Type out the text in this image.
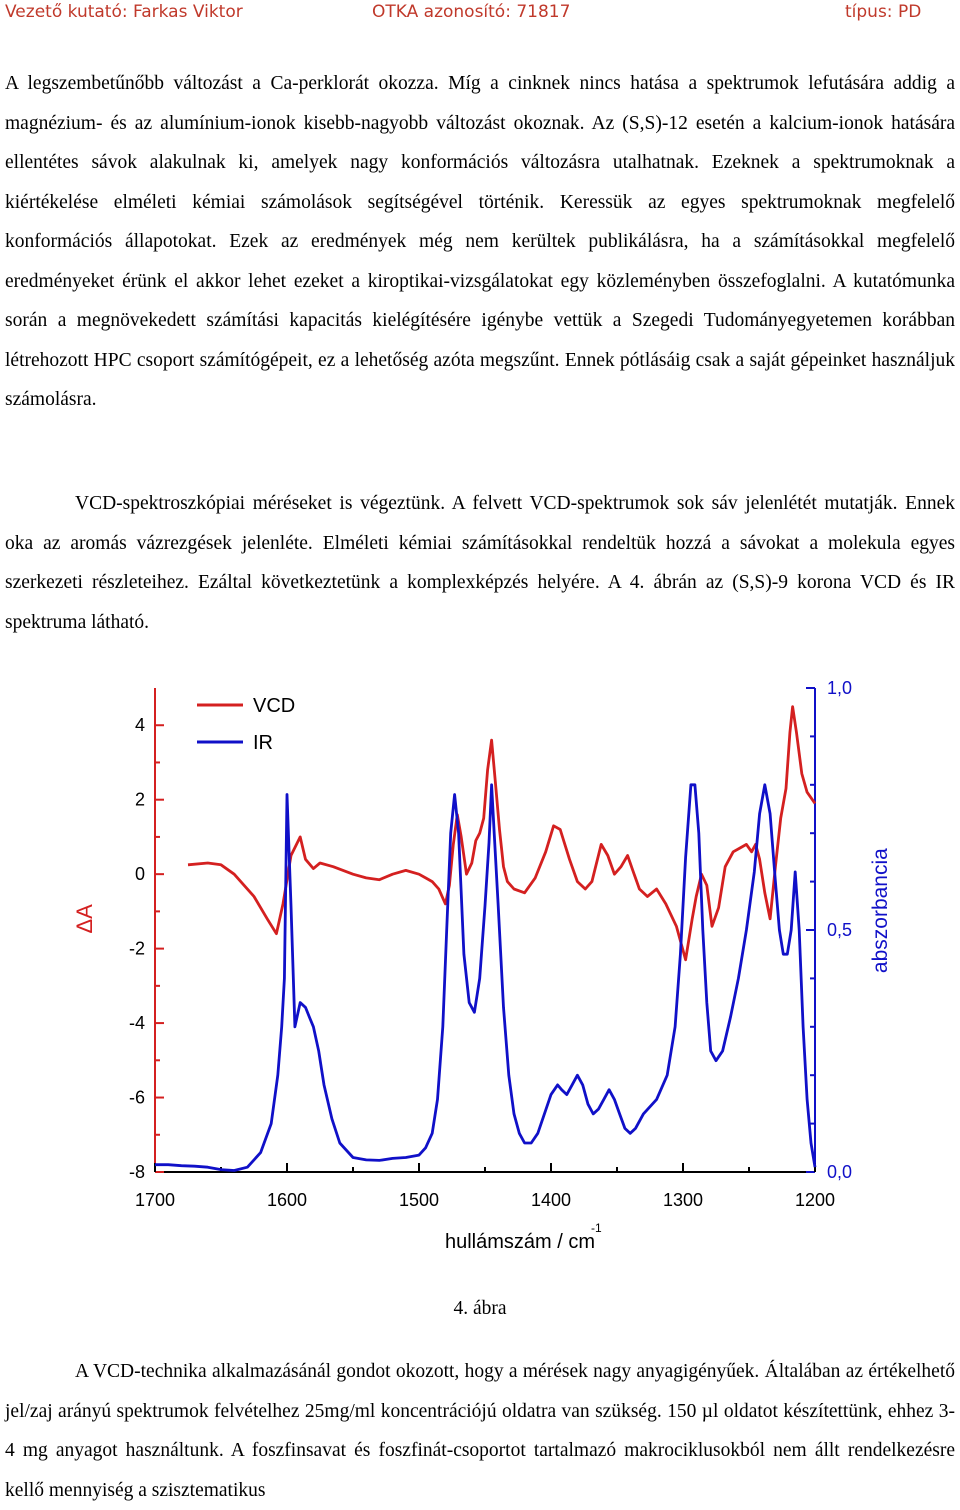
Vezető kutató: Farkas Viktor	OTKA azonosító: 71817	típus: PD

A legszembetűnőbb változást a Ca-perklorát okozza. Míg a cinknek nincs hatása a spektrumok lefutására addig a magnézium- és az alumínium-ionok kisebb-nagyobb változást okoznak. Az (S,S)-12 esetén a kalcium-ionok hatására ellentétes sávok alakulnak ki, amelyek nagy konformációs változásra utalhatnak. Ezeknek a spektrumoknak a kiértékelése elméleti kémiai számolások segítségével történik. Keressük az egyes spektrumoknak megfelelő konformációs állapotokat. Ezek az eredmények még nem kerültek publikálásra, ha a számításokkal megfelelő eredményeket érünk el akkor lehet ezeket a kiroptikai-vizsgálatokat egy közleményben összefoglalni. A kutatómunka során a megnövekedett számítási kapacitás kielégítésére igénybe vettük a Szegedi Tudományegyetemen korábban létrehozott HPC csoport számítógépeit, ez a lehetőség azóta megszűnt. Ennek pótlásáig csak a saját gépeinket használjuk számolásra.

VCD-spektroszkópiai méréseket is végeztünk. A felvett VCD-spektrumok sok sáv jelenlétét mutatják. Ennek oka az aromás vázrezgések jelenléte. Elméleti kémiai számításokkal rendeltük hozzá a sávokat a molekula egyes szerkezeti részleteihez. Ezáltal következtetünk a komplexképzés helyére. A 4. ábrán az (S,S)-9 korona VCD és IR spektruma látható.

4
2
0
-2
-4
-6
-8
1,0
0,5
0,0
1700	1600	1500	1400	1300	1200
hullámszám / cm
-1
ΔA	abszorbancia
VCD
IR
4. ábra

A VCD-technika alkalmazásánál gondot okozott, hogy a mérések nagy anyagigényűek. Általában az értékelhető jel/zaj arányú spektrumok felvételhez 25mg/ml koncentrációjú oldatra van szükség. 150 µl oldatot készítettünk, ehhez 3-4 mg anyagot használtunk. A foszfinsavat és foszfinát-csoportot tartalmazó makrociklusokból nem állt rendelkezésre kellő mennyiség a szisztematikus
